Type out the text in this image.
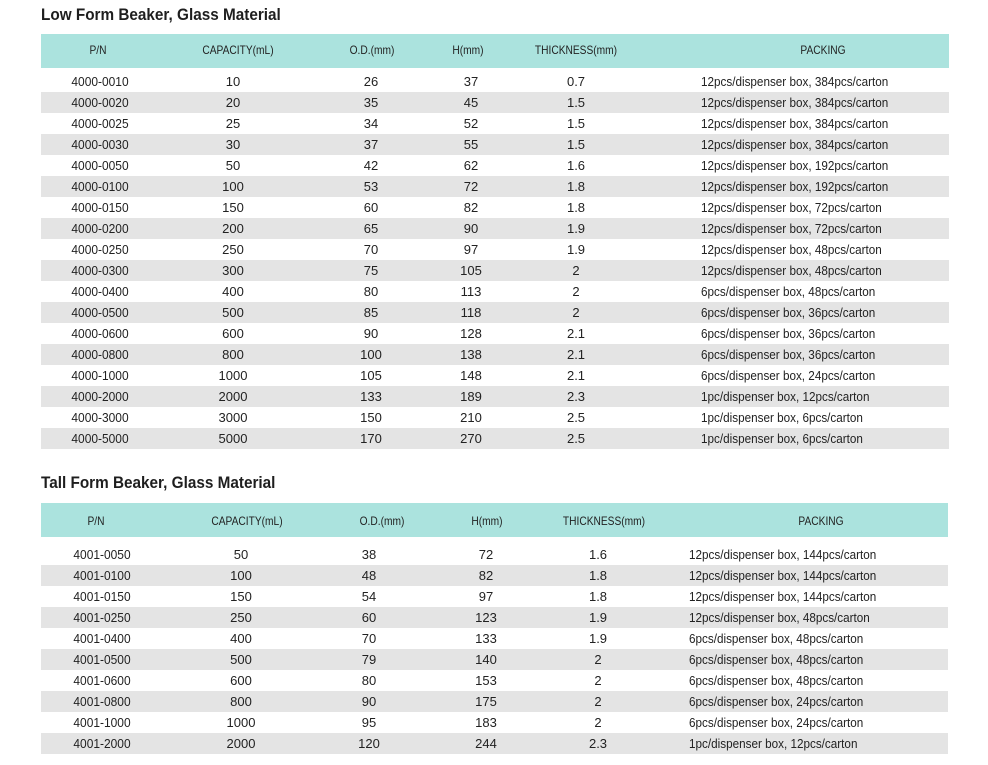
Low Form Beaker, Glass Material
P/N	CAPACITY(mL)	O.D.(mm)	H(mm)	THICKNESS(mm)	PACKING
4000-0010	10	26	37	0.7	12pcs/dispenser box, 384pcs/carton
4000-0020	20	35	45	1.5	12pcs/dispenser box, 384pcs/carton
4000-0025	25	34	52	1.5	12pcs/dispenser box, 384pcs/carton
4000-0030	30	37	55	1.5	12pcs/dispenser box, 384pcs/carton
4000-0050	50	42	62	1.6	12pcs/dispenser box, 192pcs/carton
4000-0100	100	53	72	1.8	12pcs/dispenser box, 192pcs/carton
4000-0150	150	60	82	1.8	12pcs/dispenser box, 72pcs/carton
4000-0200	200	65	90	1.9	12pcs/dispenser box, 72pcs/carton
4000-0250	250	70	97	1.9	12pcs/dispenser box, 48pcs/carton
4000-0300	300	75	105	2	12pcs/dispenser box, 48pcs/carton
4000-0400	400	80	113	2	6pcs/dispenser box, 48pcs/carton
4000-0500	500	85	118	2	6pcs/dispenser box, 36pcs/carton
4000-0600	600	90	128	2.1	6pcs/dispenser box, 36pcs/carton
4000-0800	800	100	138	2.1	6pcs/dispenser box, 36pcs/carton
4000-1000	1000	105	148	2.1	6pcs/dispenser box, 24pcs/carton
4000-2000	2000	133	189	2.3	1pc/dispenser box, 12pcs/carton
4000-3000	3000	150	210	2.5	1pc/dispenser box, 6pcs/carton
4000-5000	5000	170	270	2.5	1pc/dispenser box, 6pcs/carton
Tall Form Beaker, Glass Material
P/N	CAPACITY(mL)	O.D.(mm)	H(mm)	THICKNESS(mm)	PACKING
4001-0050	50	38	72	1.6	12pcs/dispenser box, 144pcs/carton
4001-0100	100	48	82	1.8	12pcs/dispenser box, 144pcs/carton
4001-0150	150	54	97	1.8	12pcs/dispenser box, 144pcs/carton
4001-0250	250	60	123	1.9	12pcs/dispenser box, 48pcs/carton
4001-0400	400	70	133	1.9	6pcs/dispenser box, 48pcs/carton
4001-0500	500	79	140	2	6pcs/dispenser box, 48pcs/carton
4001-0600	600	80	153	2	6pcs/dispenser box, 48pcs/carton
4001-0800	800	90	175	2	6pcs/dispenser box, 24pcs/carton
4001-1000	1000	95	183	2	6pcs/dispenser box, 24pcs/carton
4001-2000	2000	120	244	2.3	1pc/dispenser box, 12pcs/carton
